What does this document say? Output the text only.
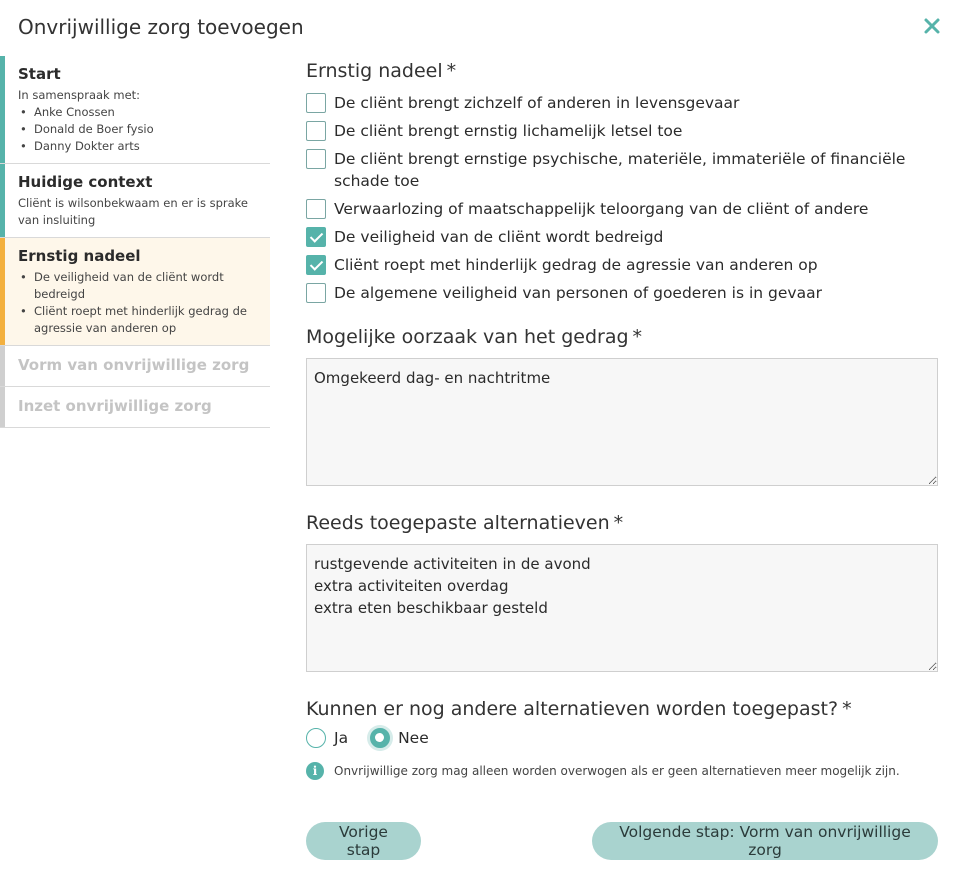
Onvrijwillige zorg toevoegen
Start
In samenspraak met:
• Anke Cnossen
• Donald de Boer fysio
• Danny Dokter arts
Huidige context
Cliënt is wilsonbekwaam en er is sprake van insluiting
Ernstig nadeel
• De veiligheid van de cliënt wordt bedreigd
• Cliënt roept met hinderlijk gedrag de agressie van anderen op
Vorm van onvrijwillige zorg
Inzet onvrijwillige zorg
Ernstig nadeel *
De cliënt brengt zichzelf of anderen in levensgevaar
De cliënt brengt ernstig lichamelijk letsel toe
De cliënt brengt ernstige psychische, materiële, immateriële of financiële schade toe
Verwaarlozing of maatschappelijk teloorgang van de cliënt of andere
De veiligheid van de cliënt wordt bedreigd
Cliënt roept met hinderlijk gedrag de agressie van anderen op
De algemene veiligheid van personen of goederen is in gevaar
Mogelijke oorzaak van het gedrag *
Omgekeerd dag- en nachtritme
Reeds toegepaste alternatieven *
rustgevende activiteiten in de avond extra activiteiten overdag extra eten beschikbaar gesteld
Kunnen er nog andere alternatieven worden toegepast? *
Ja	Nee
i	Onvrijwillige zorg mag alleen worden overwogen als er geen alternatieven meer mogelijk zijn.
Vorige stap
Volgende stap: Vorm van onvrijwillige zorg
